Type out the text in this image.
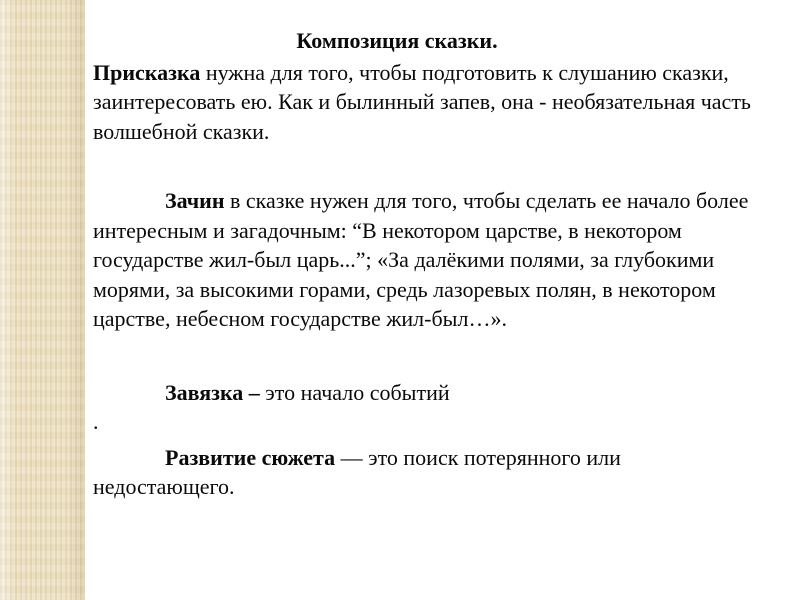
Композиция сказки.

Присказка нужна для того, чтобы подготовить к слушанию сказки, заинтересовать ею. Как и былинный запев, она - необязательная часть волшебной сказки.

Зачин в сказке нужен для того, чтобы сделать ее начало более интересным и загадочным: “В некотором царстве, в некотором государстве жил-был царь...”; «За далёкими полями, за глубокими морями, за высокими горами, средь лазоревых полян, в некотором царстве, небесном государстве жил-был…».

Завязка – это начало событий

.

Развитие сюжета — это поиск потерянного или недостающего.
